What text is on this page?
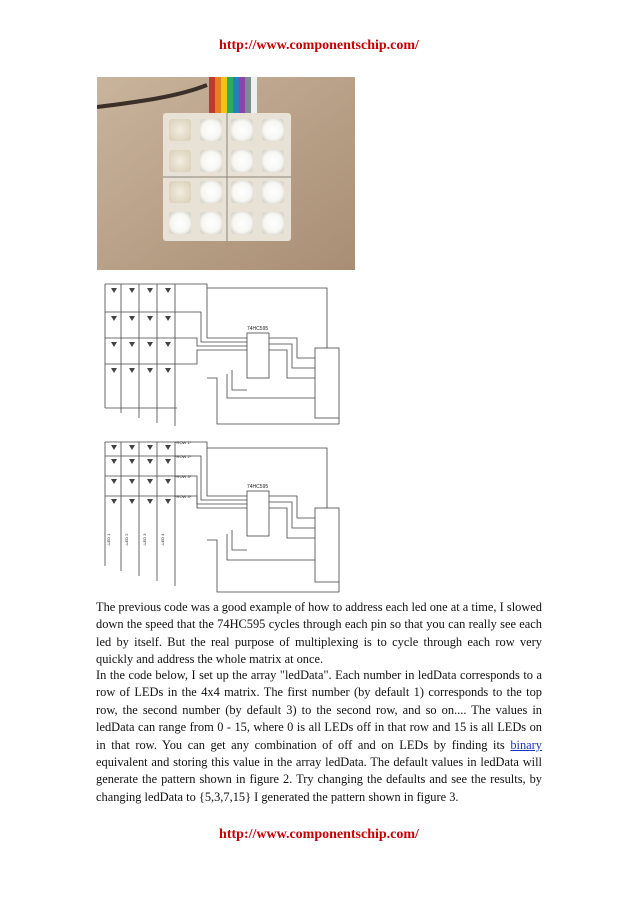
http://www.componentschip.com/
74HC595
*ROW 1*
*ROW 2*
*ROW 3*
*ROW 4*
-LED 1	-LED 2	-LED 3	-LED 4
74HC595

The previous code was a good example of how to address each led one at a time, I slowed down the speed that the 74HC595 cycles through each pin so that you can really see each led by itself. But the real purpose of multiplexing is to cycle through each row very quickly and address the whole matrix at once.

In the code below, I set up the array "ledData". Each number in ledData corresponds to a row of LEDs in the 4x4 matrix. The first number (by default 1) corresponds to the top row, the second number (by default 3) to the second row, and so on.... The values in ledData can range from 0 - 15, where 0 is all LEDs off in that row and 15 is all LEDs on in that row. You can get any combination of off and on LEDs by finding its binary equivalent and storing this value in the array ledData. The default values in ledData will generate the pattern shown in figure 2. Try changing the defaults and see the results, by changing ledData to {5,3,7,15} I generated the pattern shown in figure 3.

http://www.componentschip.com/
